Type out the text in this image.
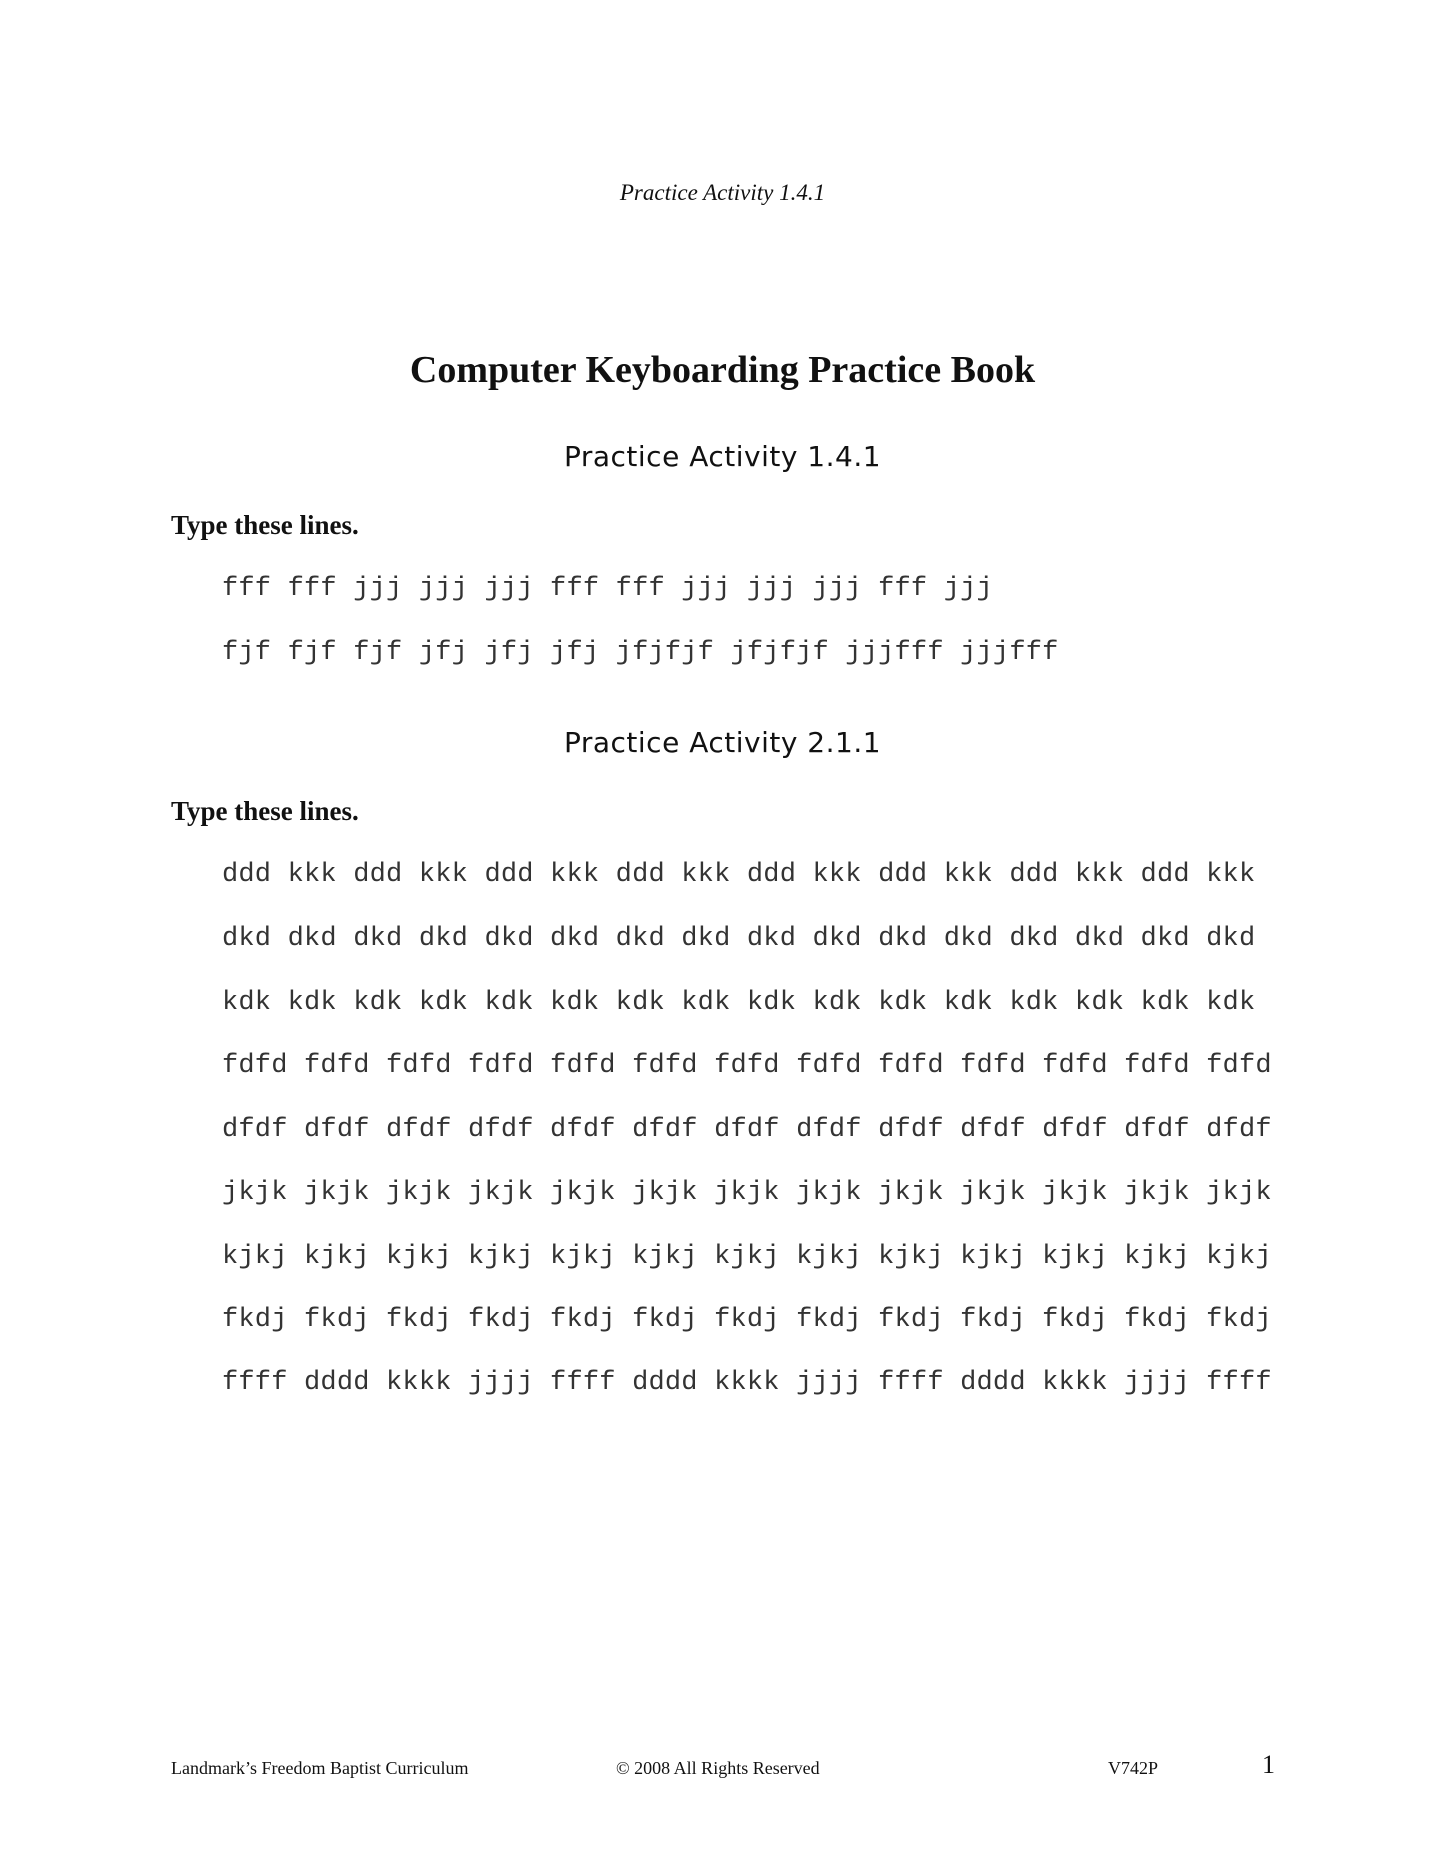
Practice Activity 1.4.1
Computer Keyboarding Practice Book
Practice Activity 1.4.1
Type these lines.
fff fff jjj jjj jjj fff fff jjj jjj jjj fff jjj
fjf fjf fjf jfj jfj jfj jfjfjf jfjfjf jjjfff jjjfff
Practice Activity 2.1.1
Type these lines.
ddd kkk ddd kkk ddd kkk ddd kkk ddd kkk ddd kkk ddd kkk ddd kkk
dkd dkd dkd dkd dkd dkd dkd dkd dkd dkd dkd dkd dkd dkd dkd dkd
kdk kdk kdk kdk kdk kdk kdk kdk kdk kdk kdk kdk kdk kdk kdk kdk
fdfd fdfd fdfd fdfd fdfd fdfd fdfd fdfd fdfd fdfd fdfd fdfd fdfd
dfdf dfdf dfdf dfdf dfdf dfdf dfdf dfdf dfdf dfdf dfdf dfdf dfdf
jkjk jkjk jkjk jkjk jkjk jkjk jkjk jkjk jkjk jkjk jkjk jkjk jkjk
kjkj kjkj kjkj kjkj kjkj kjkj kjkj kjkj kjkj kjkj kjkj kjkj kjkj
fkdj fkdj fkdj fkdj fkdj fkdj fkdj fkdj fkdj fkdj fkdj fkdj fkdj
ffff dddd kkkk jjjj ffff dddd kkkk jjjj ffff dddd kkkk jjjj ffff
Landmark’s Freedom Baptist Curriculum	© 2008 All Rights Reserved	V742P	1
